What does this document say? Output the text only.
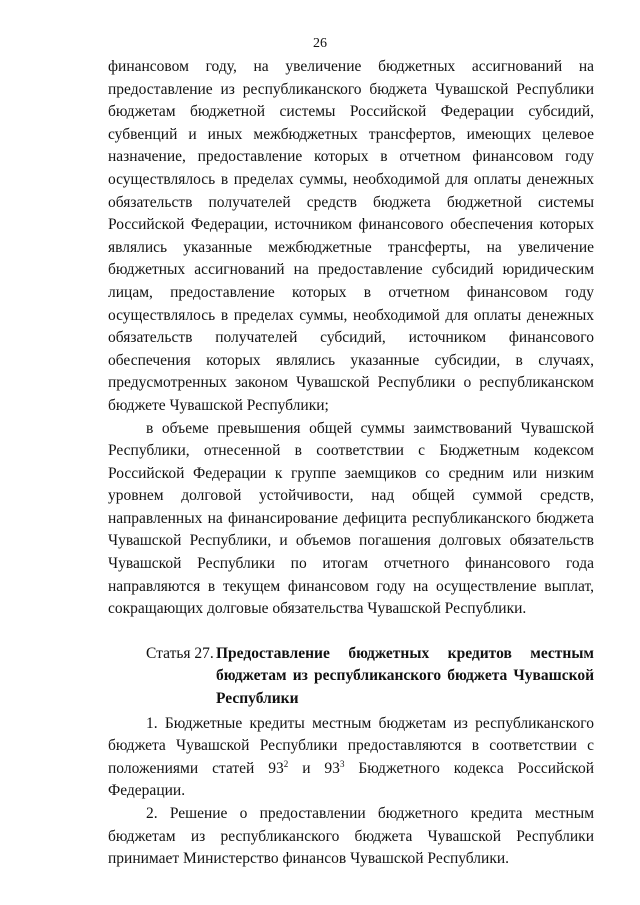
26

финансовом году, на увеличение бюджетных ассигнований на предоставление из республиканского бюджета Чувашской Республики бюджетам бюджетной системы Российской Федерации субсидий, субвенций и иных межбюджетных трансфертов, имеющих целевое назначение, предоставление которых в отчетном финансовом году осуществлялось в пределах суммы, необходимой для оплаты денежных обязательств получателей средств бюджета бюджетной системы Российской Федерации, источником финансового обеспечения которых являлись указанные межбюджетные трансферты, на увеличение бюджетных ассигнований на предоставление субсидий юридическим лицам, предоставление которых в отчетном финансовом году осуществлялось в пределах суммы, необходимой для оплаты денежных обязательств получателей субсидий, источником финансового обеспечения которых являлись указанные субсидии, в случаях, предусмотренных законом Чувашской Республики о республиканском бюджете Чувашской Республики;

в объеме превышения общей суммы заимствований Чувашской Республики, отнесенной в соответствии с Бюджетным кодексом Российской Федерации к группе заемщиков со средним или низким уровнем долговой устойчивости, над общей суммой средств, направленных на финансирование дефицита республиканского бюджета Чувашской Республики, и объемов погашения долговых обязательств Чувашской Республики по итогам отчетного финансового года направляются в текущем финансовом году на осуществление выплат, сокращающих долговые обязательства Чувашской Республики.

Статья 27. Предоставление бюджетных кредитов местным бюджетам из республиканского бюджета Чувашской Республики

1. Бюджетные кредиты местным бюджетам из республиканского бюджета Чувашской Республики предоставляются в соответствии с положениями статей $93^2$ и $93^3$ Бюджетного кодекса Российской Федерации.

2. Решение о предоставлении бюджетного кредита местным бюджетам из республиканского бюджета Чувашской Республики принимает Министерство финансов Чувашской Республики.
